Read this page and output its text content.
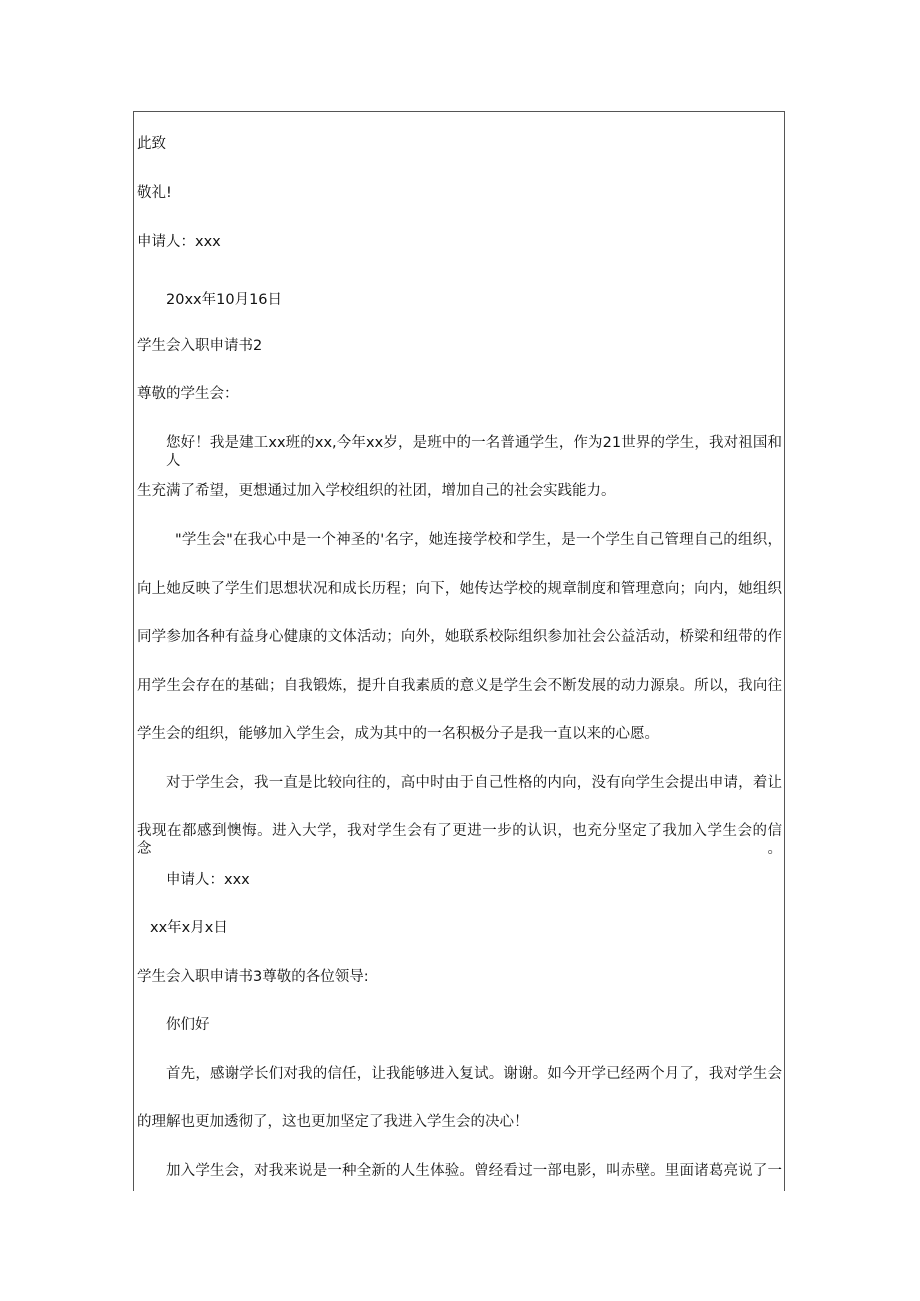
此致
敬礼!
申请人：xxx
20xx年10月16日
学生会入职申请书2
尊敬的学生会：
您好！我是建工xx班的xx,今年xx岁，是班中的一名普通学生，作为21世界的学生，我对祖国和人
生充满了希望，更想通过加入学校组织的社团，增加自己的社会实践能力。
"学生会"在我心中是一个神圣的'名字，她连接学校和学生，是一个学生自己管理自己的组织，
向上她反映了学生们思想状况和成长历程；向下，她传达学校的规章制度和管理意向；向内，她组织
同学参加各种有益身心健康的文体活动；向外，她联系校际组织参加社会公益活动，桥梁和纽带的作
用学生会存在的基础；自我锻炼，提升自我素质的意义是学生会不断发展的动力源泉。所以，我向往
学生会的组织，能够加入学生会，成为其中的一名积极分子是我一直以来的心愿。
对于学生会，我一直是比较向往的，高中时由于自己性格的内向，没有向学生会提出申请，着让
我现在都感到懊悔。进入大学，我对学生会有了更进一步的认识，也充分坚定了我加入学生会的信念。
申请人：xxx
xx年x月x日
学生会入职申请书3尊敬的各位领导:
你们好
首先，感谢学长们对我的信任，让我能够进入复试。谢谢。如今开学已经两个月了，我对学生会
的理解也更加透彻了，这也更加坚定了我进入学生会的决心！
加入学生会，对我来说是一种全新的人生体验。曾经看过一部电影，叫赤壁。里面诸葛亮说了一
